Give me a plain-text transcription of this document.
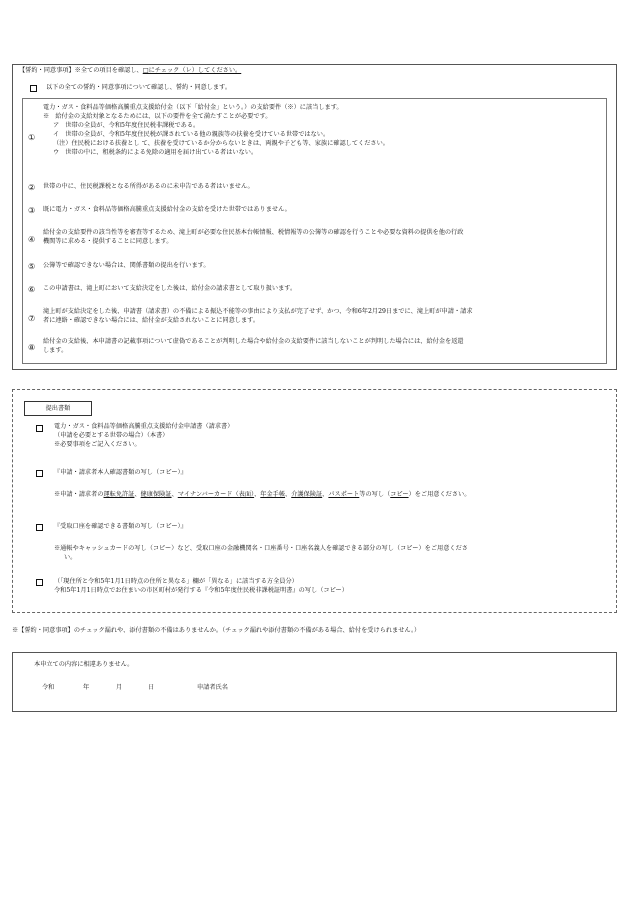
【誓約・同意事項】※全ての項目を確認し、□にチェック（レ）してください。
以下の全ての誓約・同意事項について確認し、誓約・同意します。
①
電力・ガス・食料品等価格高騰重点支援給付金（以下「給付金」という。）の支給要件（※）に該当します。
※　給付金の支給対象となるためには、以下の要件を全て満たすことが必要です。
ア　世帯の全員が、令和5年度住民税非課税である。
イ　世帯の全員が、令和5年度住民税が課されている他の親族等の扶養を受けている世帯ではない。
（注）住民税における扶養とし て、扶養を受けているか分からないときは、両親や子ども等、家族に確認してください。
ウ　世帯の中に、租税条約による免除の適用を届け出ている者はいない。
② 世帯の中に、住民税課税となる所得があるのに未申告である者はいません。
③ 既に電力・ガス・食料品等価格高騰重点支援給付金の支給を受けた世帯ではありません。
④
給付金の支給要件の該当性等を審査等するため、滝上町が必要な住民基本台帳情報、税情報等の公簿等の確認を行うことや必要な資料の提供を他の行政
機関等に求める・提供することに同意します。
⑤ 公簿等で確認できない場合は、関係書類の提出を行います。
⑥ この申請書は、滝上町において支給決定をした後は、給付金の請求書として取り扱います。
⑦
滝上町が支給決定をした後、申請書（請求書）の不備による振込不能等の事由により支払が完了せず、かつ、令和6年2月29日までに、滝上町が申請・請求
者に連絡・確認できない場合には、給付金が支給されないことに同意します。
⑧
給付金の支給後、本申請書の記載事項について虚偽であることが判明した場合や給付金の支給要件に該当しないことが判明した場合には、給付金を返還
します。
提出書類
電力・ガス・食料品等価格高騰重点支援給付金申請書（請求書）
（申請を必要とする世帯の場合）（本書）
※必要事項をご記入ください。
『申請・請求者本人確認書類の写し（コピー）』
※申請・請求者の運転免許証、健康保険証、マイナンバーカード（表面）、年金手帳、介護保険証、パスポート等の写し（コピー）をご用意ください。
『受取口座を確認できる書類の写し（コピー）』
※通帳やキャッシュカードの写し（コピー）など、受取口座の金融機関名・口座番号・口座名義人を確認できる部分の写し（コピー）をご用意くださ
い。
（「現住所と令和5年1月1日時点の住所と異なる」欄が「異なる」に該当する方全員分）
令和5年1月1日時点でお住まいの市区町村が発行する『令和5年度住民税非課税証明書』の写し（コピー）
※【誓約・同意事項】のチェック漏れや、添付書類の不備はありませんか。（チェック漏れや添付書類の不備がある場合、給付を受けられません。）
本申立ての内容に相違ありません。
令和	年	月	日	申請者氏名
